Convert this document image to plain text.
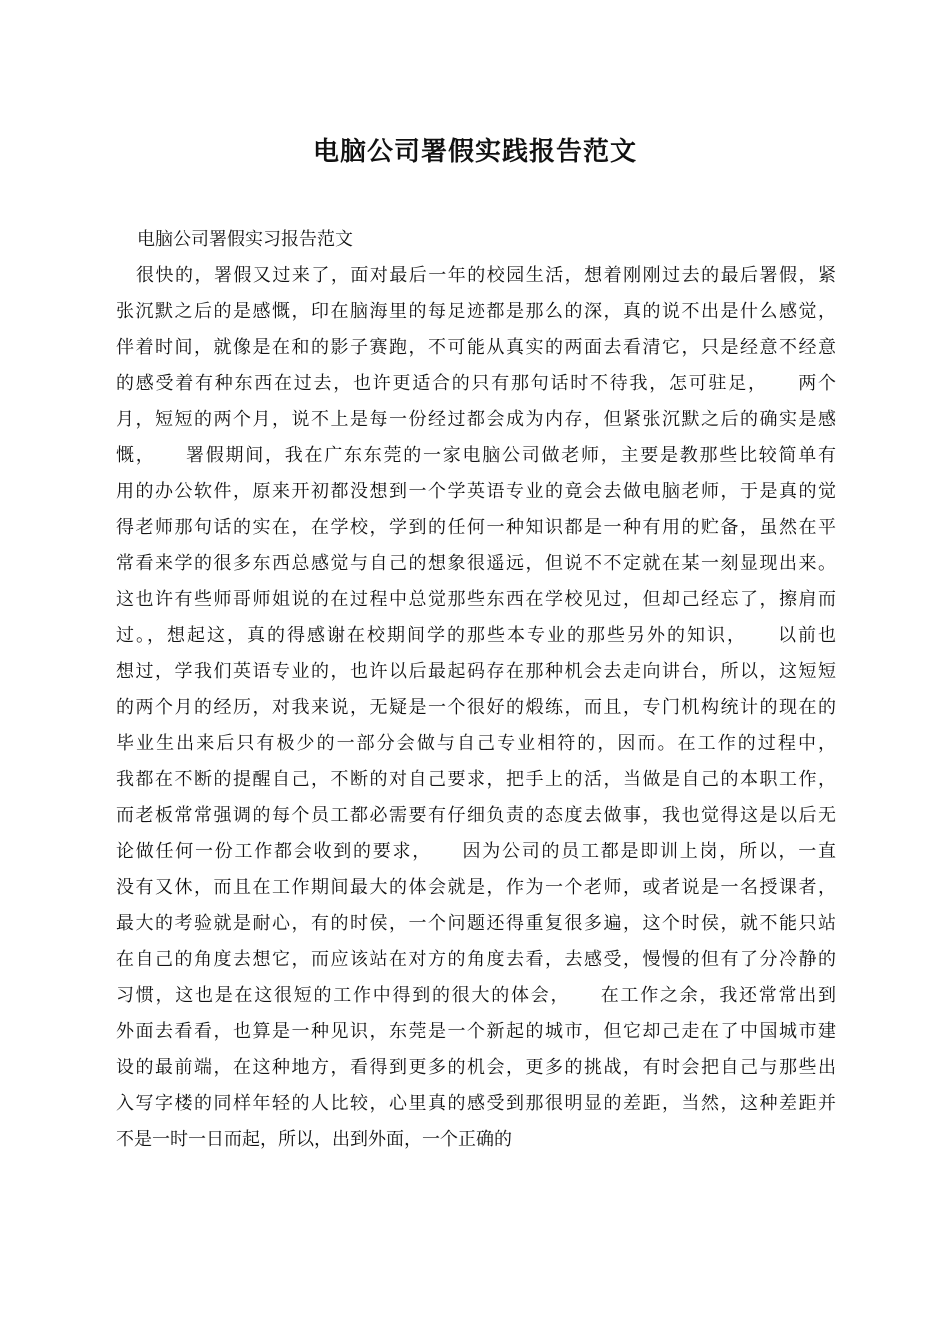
电脑公司署假实践报告范文
电脑公司署假实习报告范文
很快的，署假又过来了，面对最后一年的校园生活，想着刚刚过去的最后署假，紧
张沉默之后的是感慨，印在脑海里的每足迹都是那么的深，真的说不出是什么感觉，
伴着时间，就像是在和的影子赛跑，不可能从真实的两面去看清它，只是经意不经意
的感受着有种东西在过去，也许更适合的只有那句话时不待我，怎可驻足，　　两个
月，短短的两个月，说不上是每一份经过都会成为内存，但紧张沉默之后的确实是感
慨，　　署假期间，我在广东东莞的一家电脑公司做老师，主要是教那些比较简单有
用的办公软件，原来开初都没想到一个学英语专业的竟会去做电脑老师，于是真的觉
得老师那句话的实在，在学校，学到的任何一种知识都是一种有用的贮备，虽然在平
常看来学的很多东西总感觉与自己的想象很遥远，但说不不定就在某一刻显现出来。
这也许有些师哥师姐说的在过程中总觉那些东西在学校见过，但却己经忘了，擦肩而
过。，想起这，真的得感谢在校期间学的那些本专业的那些另外的知识，　　以前也
想过，学我们英语专业的，也许以后最起码存在那种机会去走向讲台，所以，这短短
的两个月的经历，对我来说，无疑是一个很好的煅练，而且，专门机构统计的现在的
毕业生出来后只有极少的一部分会做与自己专业相符的，因而。在工作的过程中，
我都在不断的提醒自己，不断的对自己要求，把手上的活，当做是自己的本职工作，
而老板常常强调的每个员工都必需要有仔细负责的态度去做事，我也觉得这是以后无
论做任何一份工作都会收到的要求，　　因为公司的员工都是即训上岗，所以，一直
没有又休，而且在工作期间最大的体会就是，作为一个老师，或者说是一名授课者，
最大的考验就是耐心，有的时侯，一个问题还得重复很多遍，这个时侯，就不能只站
在自己的角度去想它，而应该站在对方的角度去看，去感受，慢慢的但有了分冷静的
习惯，这也是在这很短的工作中得到的很大的体会，　　在工作之余，我还常常出到
外面去看看，也算是一种见识，东莞是一个新起的城市，但它却己走在了中国城市建
设的最前端，在这种地方，看得到更多的机会，更多的挑战，有时会把自己与那些出
入写字楼的同样年轻的人比较，心里真的感受到那很明显的差距，当然，这种差距并
不是一时一日而起，所以，出到外面，一个正确的
